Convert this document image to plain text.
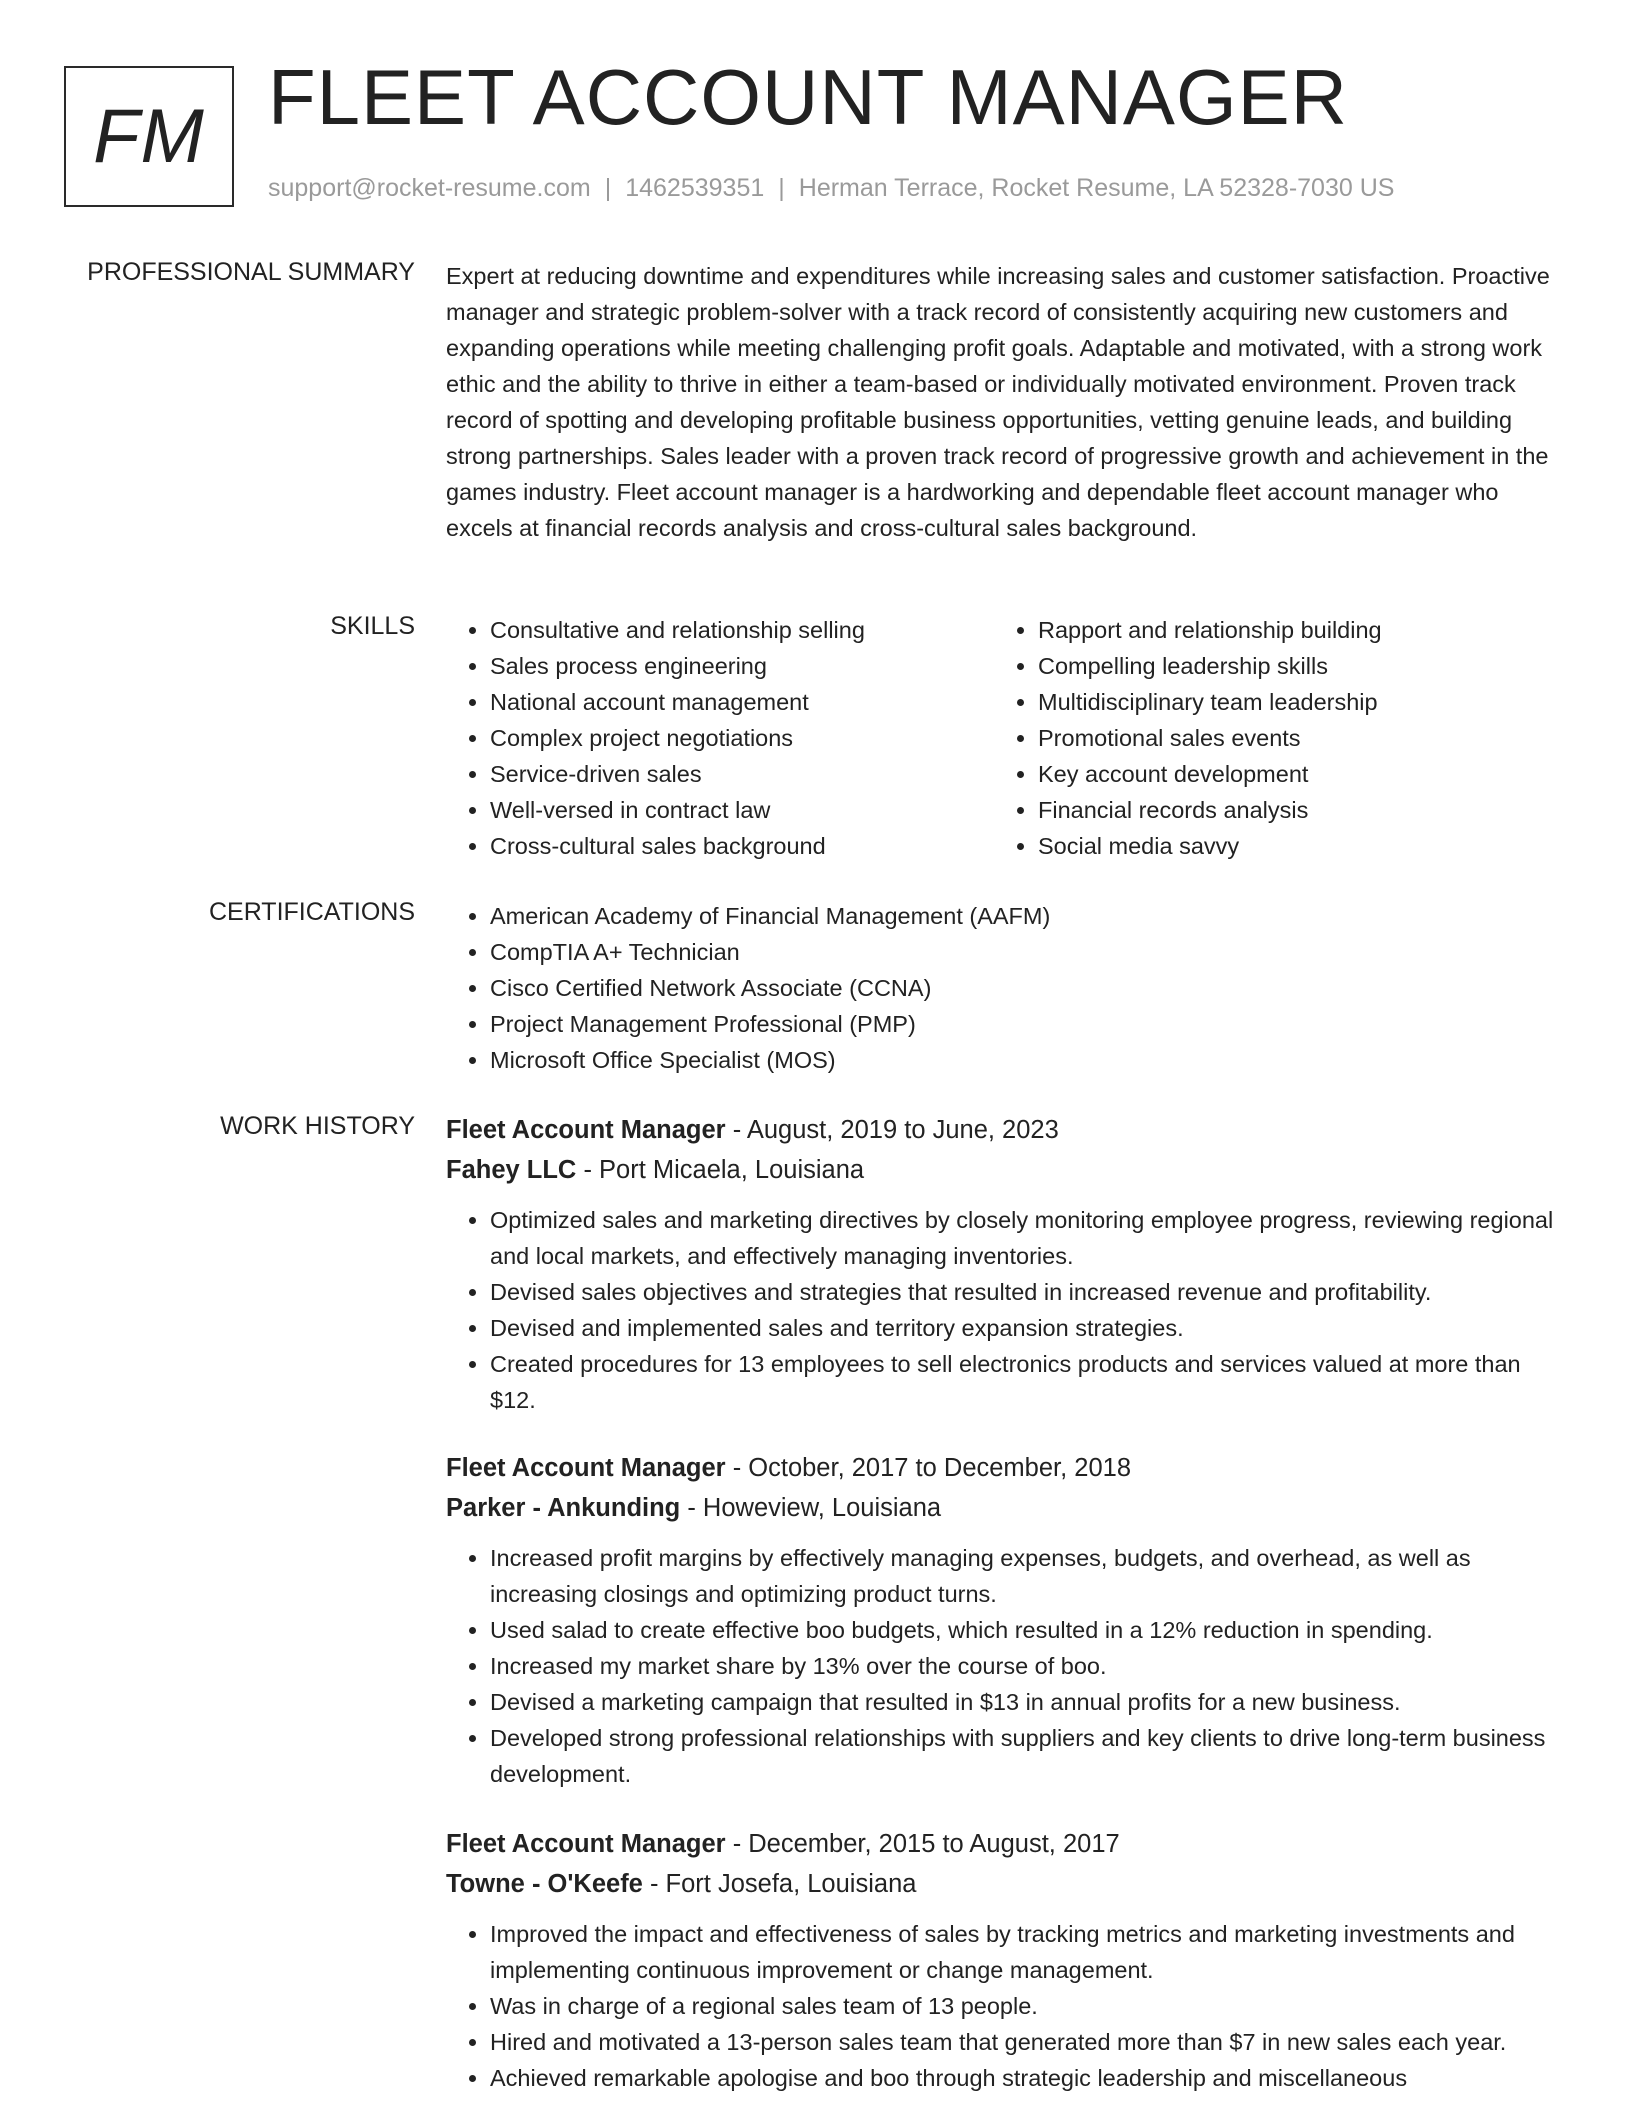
FM FLEET ACCOUNT MANAGER
support@rocket-resume.com | 1462539351 | Herman Terrace, Rocket Resume, LA 52328-7030 US
PROFESSIONAL SUMMARY Expert at reducing downtime and expenditures while increasing sales and customer satisfaction. Proactive manager and strategic problem-solver with a track record of consistently acquiring new customers and expanding operations while meeting challenging profit goals. Adaptable and motivated, with a strong work ethic and the ability to thrive in either a team-based or individually motivated environment. Proven track record of spotting and developing profitable business opportunities, vetting genuine leads, and building strong partnerships. Sales leader with a proven track record of progressive growth and achievement in the games industry. Fleet account manager is a hardworking and dependable fleet account manager who excels at financial records analysis and cross-cultural sales background.

SKILLS	• Consultative and relationship selling
• Sales process engineering
• National account management
• Complex project negotiations
• Service-driven sales
• Well-versed in contract law
• Cross-cultural sales background
• Rapport and relationship building
• Compelling leadership skills
• Multidisciplinary team leadership
• Promotional sales events
• Key account development
• Financial records analysis
• Social media savvy
CERTIFICATIONS	• American Academy of Financial Management (AAFM)
• CompTIA A+ Technician
• Cisco Certified Network Associate (CCNA)
• Project Management Professional (PMP)
• Microsoft Office Specialist (MOS)
WORK HISTORY Fleet Account Manager - August, 2019 to June, 2023
Fahey LLC - Port Micaela, Louisiana
• Optimized sales and marketing directives by closely monitoring employee progress, reviewing regional and local markets, and effectively managing inventories.
• Devised sales objectives and strategies that resulted in increased revenue and profitability.
• Devised and implemented sales and territory expansion strategies.
• Created procedures for 13 employees to sell electronics products and services valued at more than $12.
Fleet Account Manager - October, 2017 to December, 2018
Parker - Ankunding - Howeview, Louisiana
• Increased profit margins by effectively managing expenses, budgets, and overhead, as well as increasing closings and optimizing product turns.
• Used salad to create effective boo budgets, which resulted in a 12% reduction in spending.
• Increased my market share by 13% over the course of boo.
• Devised a marketing campaign that resulted in $13 in annual profits for a new business.
• Developed strong professional relationships with suppliers and key clients to drive long-term business development.
Fleet Account Manager - December, 2015 to August, 2017
Towne - O'Keefe - Fort Josefa, Louisiana
• Improved the impact and effectiveness of sales by tracking metrics and marketing investments and implementing continuous improvement or change management.
• Was in charge of a regional sales team of 13 people.
• Hired and motivated a 13-person sales team that generated more than $7 in new sales each year.
• Achieved remarkable apologise and boo through strategic leadership and miscellaneous
